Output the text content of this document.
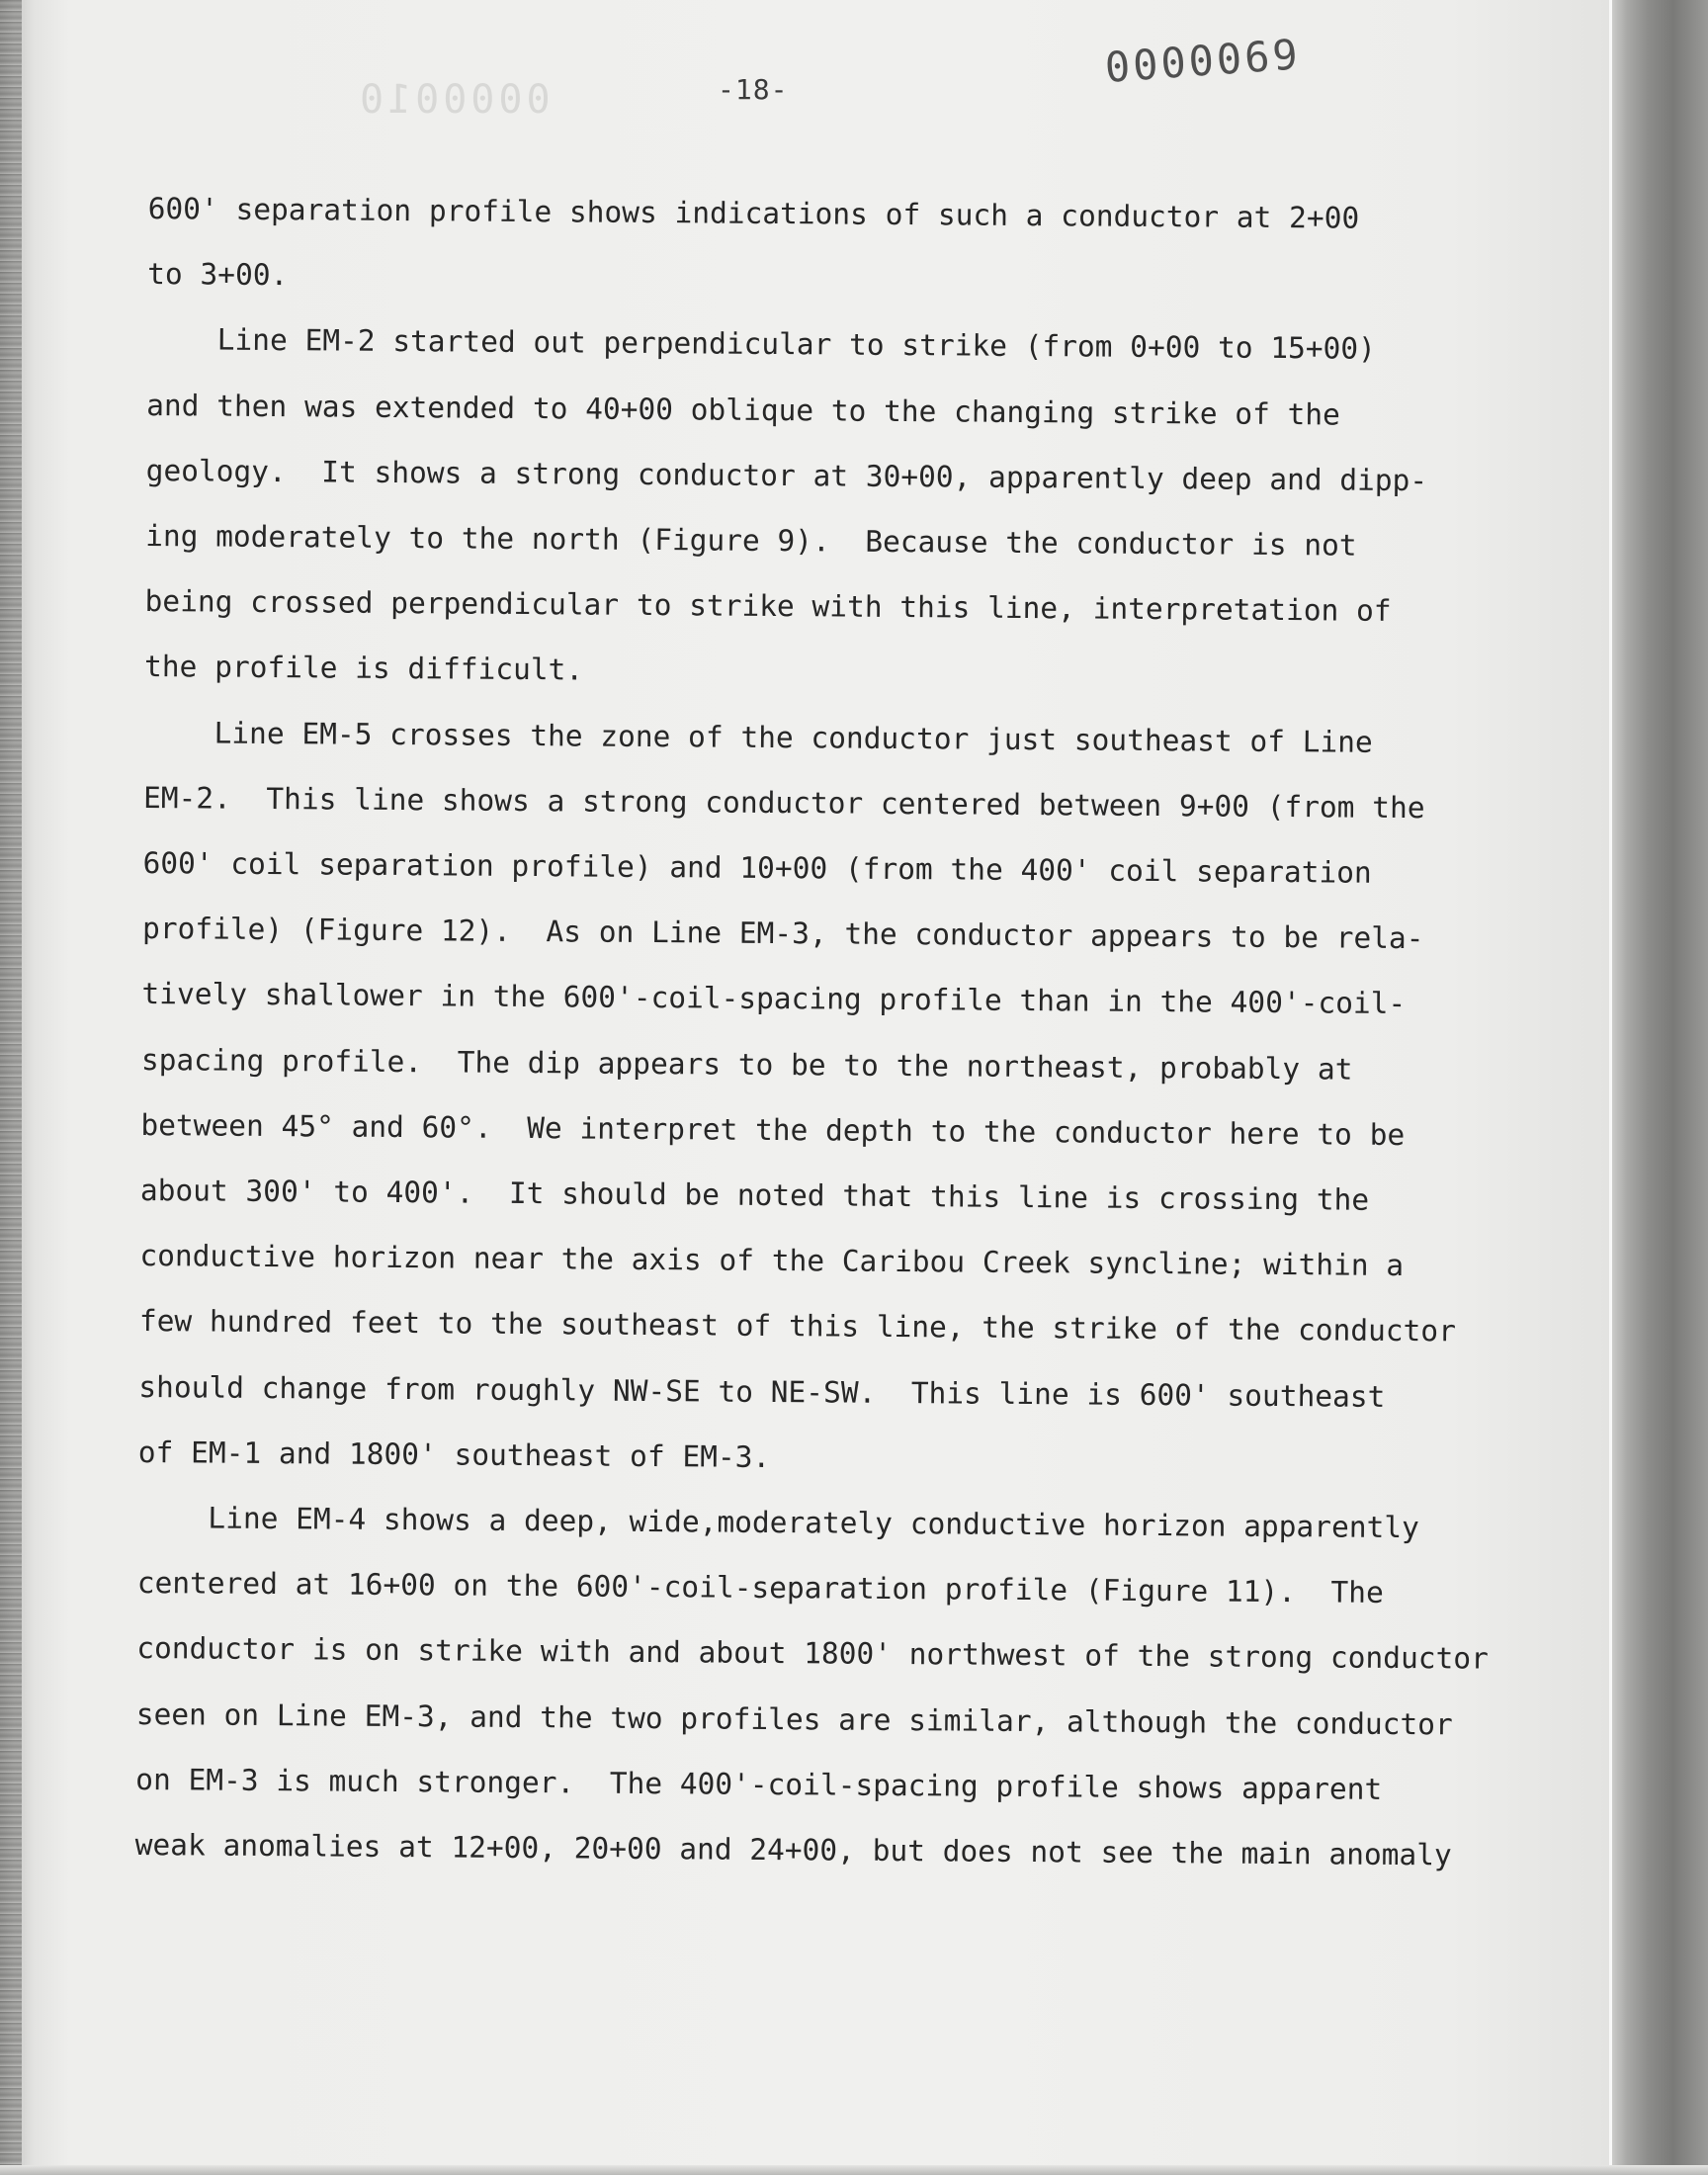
0000010	-18-	0000069

600' separation profile shows indications of such a conductor at 2+00
to 3+00.

Line EM-2 started out perpendicular to strike (from 0+00 to 15+00)
and then was extended to 40+00 oblique to the changing strike of the
geology.  It shows a strong conductor at 30+00, apparently deep and dipp-
ing moderately to the north (Figure 9).  Because the conductor is not
being crossed perpendicular to strike with this line, interpretation of
the profile is difficult.

Line EM-5 crosses the zone of the conductor just southeast of Line
EM-2.  This line shows a strong conductor centered between 9+00 (from the
600' coil separation profile) and 10+00 (from the 400' coil separation
profile) (Figure 12).  As on Line EM-3, the conductor appears to be rela-
tively shallower in the 600'-coil-spacing profile than in the 400'-coil-
spacing profile.  The dip appears to be to the northeast, probably at
between 45° and 60°.  We interpret the depth to the conductor here to be
about 300' to 400'.  It should be noted that this line is crossing the
conductive horizon near the axis of the Caribou Creek syncline; within a
few hundred feet to the southeast of this line, the strike of the conductor
should change from roughly NW-SE to NE-SW.  This line is 600' southeast
of EM-1 and 1800' southeast of EM-3.

Line EM-4 shows a deep, wide,moderately conductive horizon apparently
centered at 16+00 on the 600'-coil-separation profile (Figure 11).  The
conductor is on strike with and about 1800' northwest of the strong conductor
seen on Line EM-3, and the two profiles are similar, although the conductor
on EM-3 is much stronger.  The 400'-coil-spacing profile shows apparent
weak anomalies at 12+00, 20+00 and 24+00, but does not see the main anomaly
